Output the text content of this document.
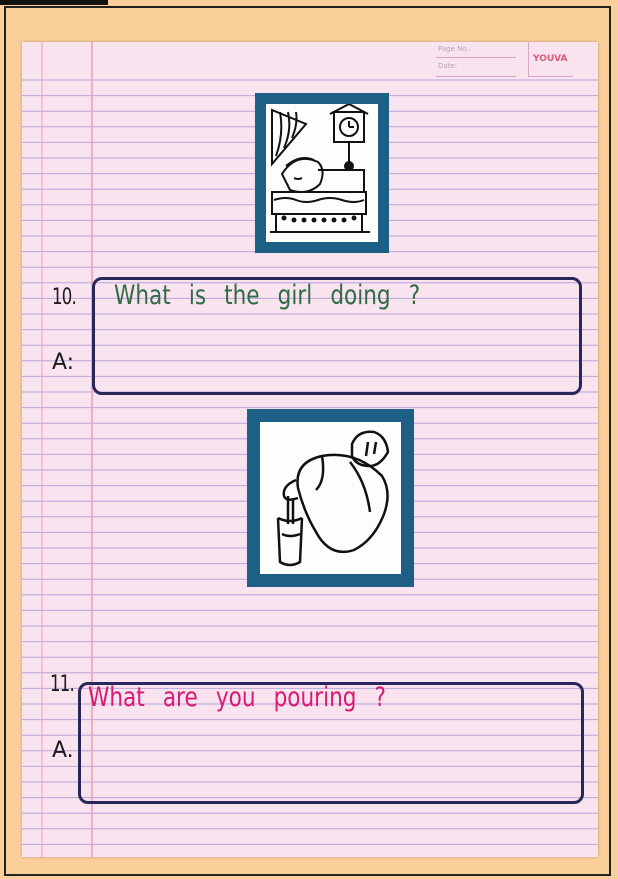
Page No.:
Date:
YOUVA
10. What is the girl doing ?
A:
11. What are you pouring ?
A.
